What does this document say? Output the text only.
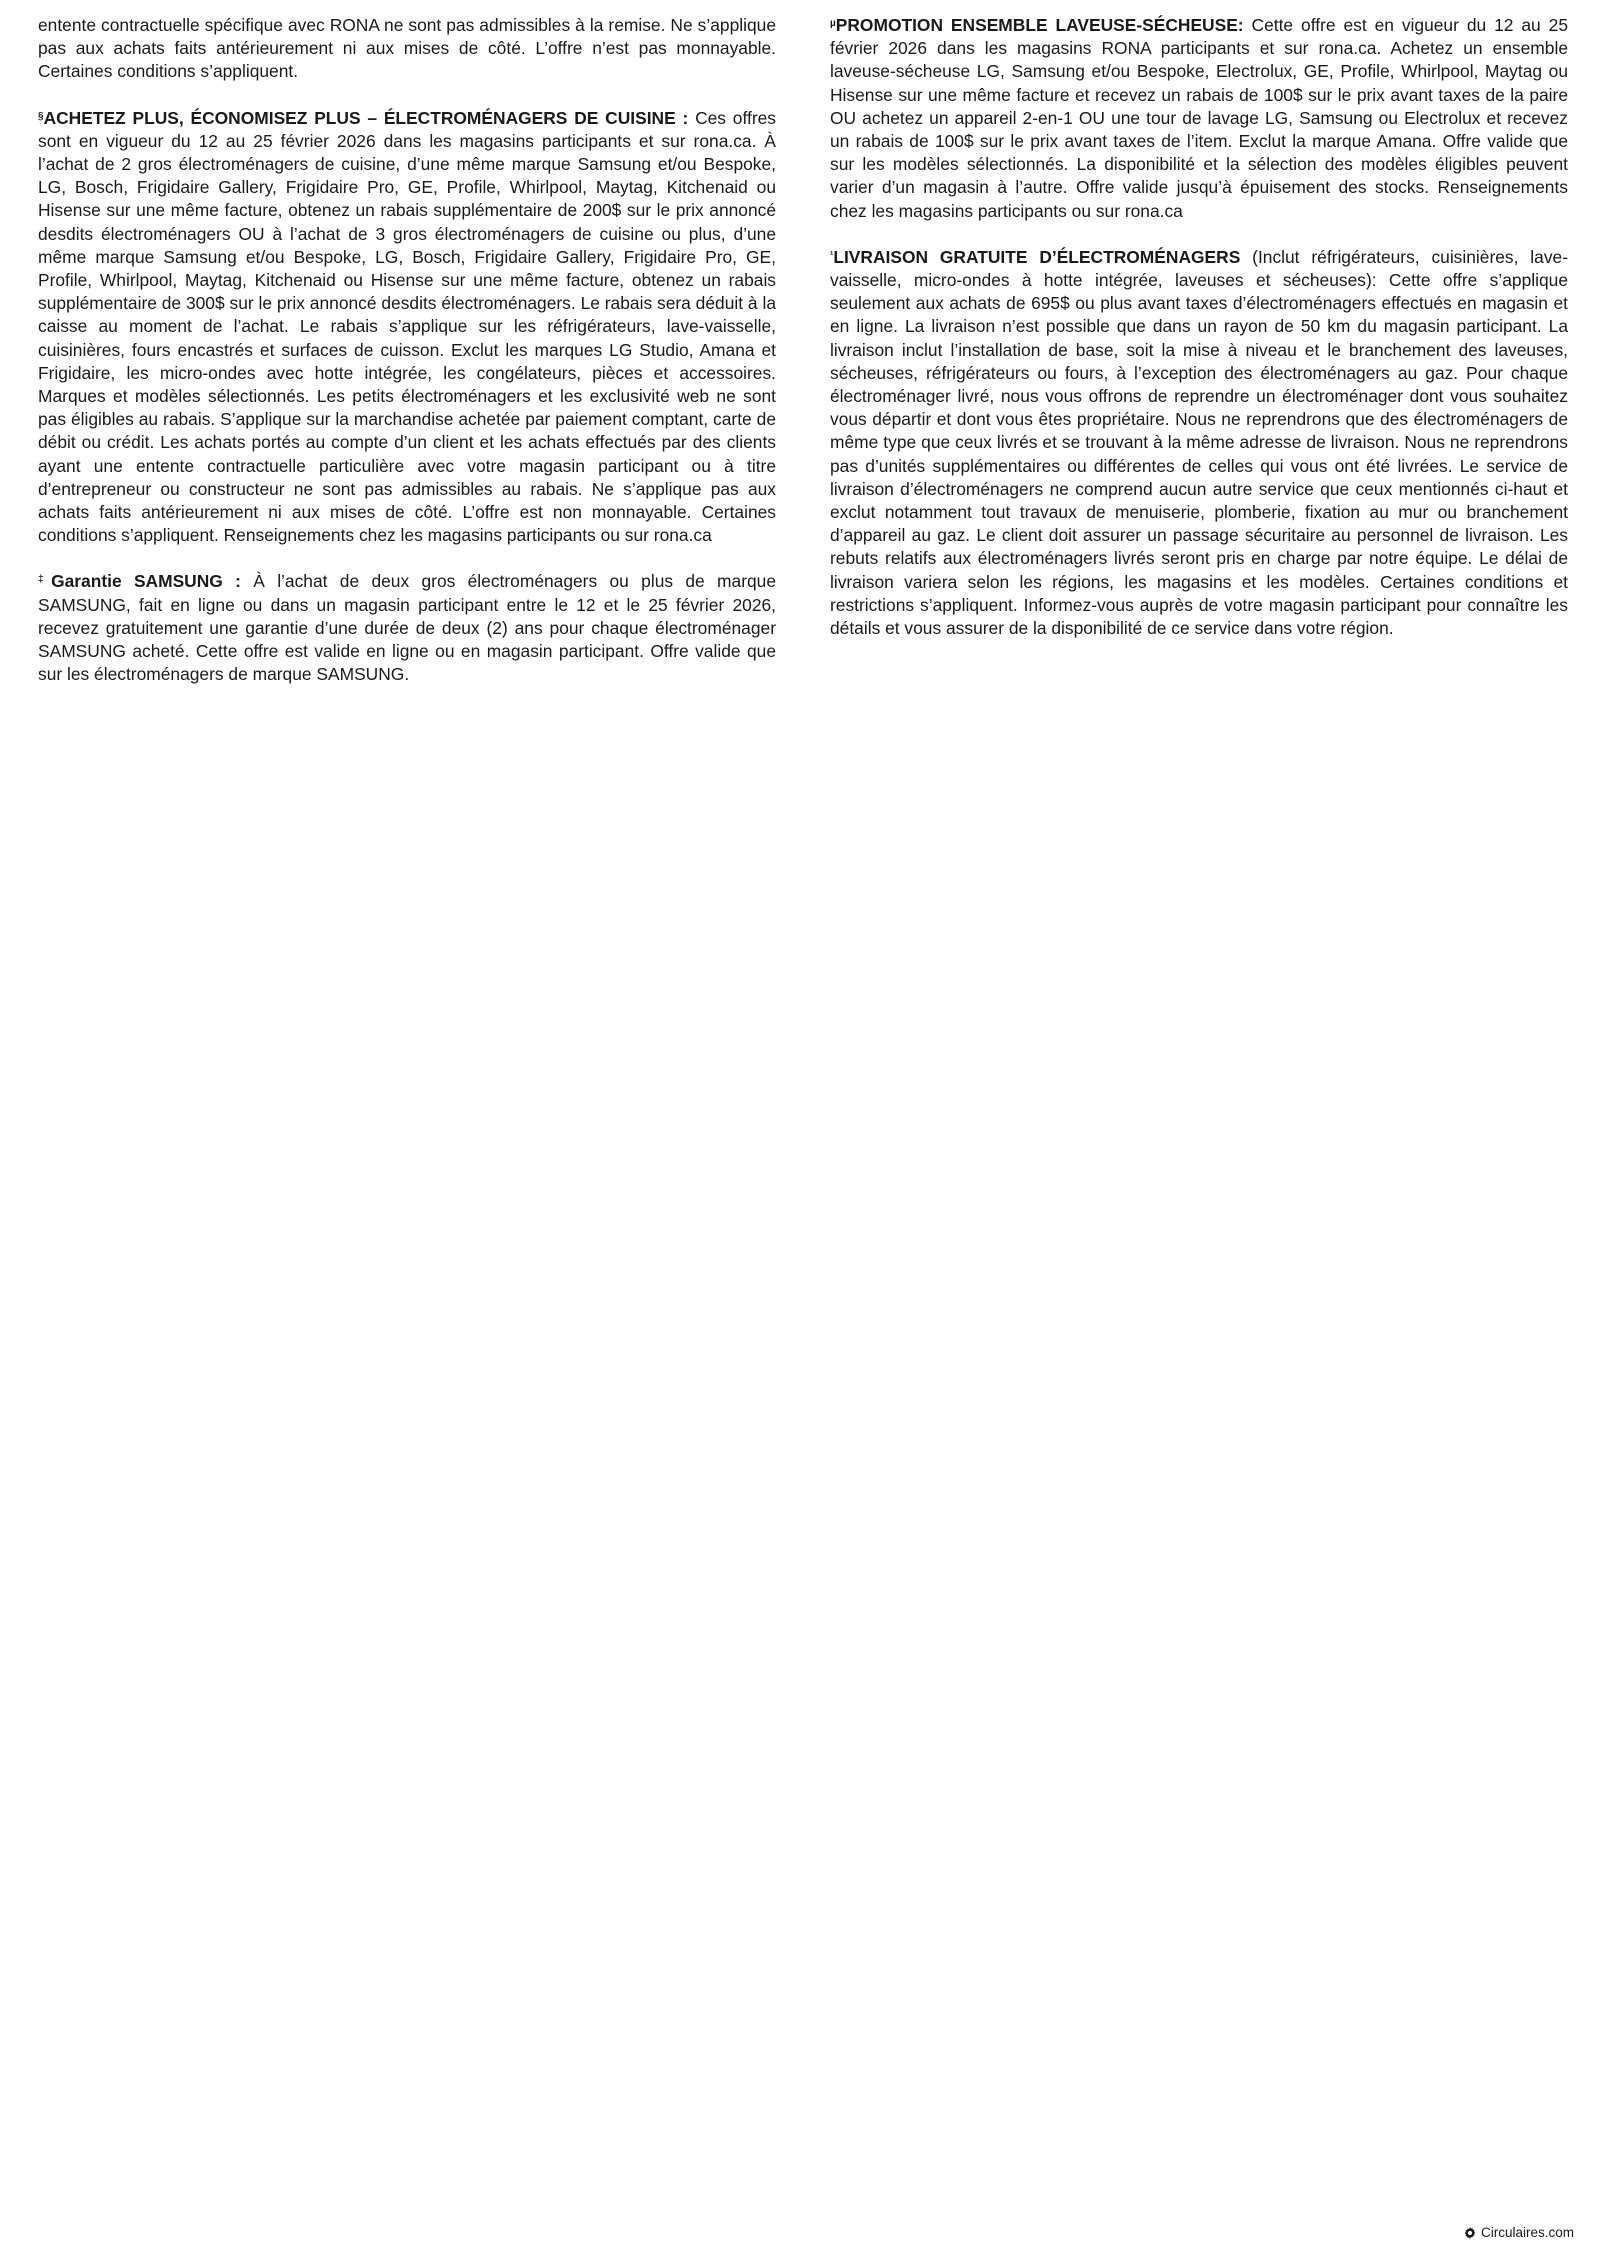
entente contractuelle spécifique avec RONA ne sont pas admissibles à la remise. Ne s’applique pas aux achats faits antérieurement ni aux mises de côté. L’offre n’est pas monnayable. Certaines conditions s’appliquent.

§ACHETEZ PLUS, ÉCONOMISEZ PLUS – ÉLECTROMÉNAGERS DE CUISINE : Ces offres sont en vigueur du 12 au 25 février 2026 dans les magasins participants et sur rona.ca. À l’achat de 2 gros électroménagers de cuisine, d’une même marque Samsung et/ou Bespoke, LG, Bosch, Frigidaire Gallery, Frigidaire Pro, GE, Profile, Whirlpool, Maytag, Kitchenaid ou Hisense sur une même facture, obtenez un rabais supplémentaire de 200$ sur le prix annoncé desdits électroménagers OU à l’achat de 3 gros électroménagers de cuisine ou plus, d’une même marque Samsung et/ou Bespoke, LG, Bosch, Frigidaire Gallery, Frigidaire Pro, GE, Profile, Whirlpool, Maytag, Kitchenaid ou Hisense sur une même facture, obtenez un rabais supplémentaire de 300$ sur le prix annoncé desdits électroménagers. Le rabais sera déduit à la caisse au moment de l’achat. Le rabais s’applique sur les réfrigérateurs, lave-vaisselle, cuisinières, fours encastrés et surfaces de cuisson. Exclut les marques LG Studio, Amana et Frigidaire, les micro-ondes avec hotte intégrée, les congélateurs, pièces et accessoires. Marques et modèles sélectionnés. Les petits électroménagers et les exclusivité web ne sont pas éligibles au rabais. S’applique sur la marchandise achetée par paiement comptant, carte de débit ou crédit. Les achats portés au compte d’un client et les achats effectués par des clients ayant une entente contractuelle particulière avec votre magasin participant ou à titre d’entrepreneur ou constructeur ne sont pas admissibles au rabais. Ne s’applique pas aux achats faits antérieurement ni aux mises de côté. L’offre est non monnayable. Certaines conditions s’appliquent. Renseignements chez les magasins participants ou sur rona.ca

‡Garantie SAMSUNG : À l’achat de deux gros électroménagers ou plus de marque SAMSUNG, fait en ligne ou dans un magasin participant entre le 12 et le 25 février 2026, recevez gratuitement une garantie d’une durée de deux (2) ans pour chaque électroménager SAMSUNG acheté. Cette offre est valide en ligne ou en magasin participant. Offre valide que sur les électroménagers de marque SAMSUNG.

$^\mu$PROMOTION ENSEMBLE LAVEUSE-SÉCHEUSE: Cette offre est en vigueur du 12 au 25 février 2026 dans les magasins RONA participants et sur rona.ca. Achetez un ensemble laveuse-sécheuse LG, Samsung et/ou Bespoke, Electrolux, GE, Profile, Whirlpool, Maytag ou Hisense sur une même facture et recevez un rabais de 100$ sur le prix avant taxes de la paire OU achetez un appareil 2-en-1 OU une tour de lavage LG, Samsung ou Electrolux et recevez un rabais de 100$ sur le prix avant taxes de l’item. Exclut la marque Amana. Offre valide que sur les modèles sélectionnés. La disponibilité et la sélection des modèles éligibles peuvent varier d’un magasin à l’autre. Offre valide jusqu’à épuisement des stocks. Renseignements chez les magasins participants ou sur rona.ca

$^{^1}$LIVRAISON GRATUITE D’ÉLECTROMÉNAGERS (Inclut réfrigérateurs, cuisinières, lave-vaisselle, micro-ondes à hotte intégrée, laveuses et sécheuses): Cette offre s’applique seulement aux achats de 695$ ou plus avant taxes d’électroménagers effectués en magasin et en ligne. La livraison n’est possible que dans un rayon de 50 km du magasin participant. La livraison inclut l’installation de base, soit la mise à niveau et le branchement des laveuses, sécheuses, réfrigérateurs ou fours, à l’exception des électroménagers au gaz. Pour chaque électroménager livré, nous vous offrons de reprendre un électroménager dont vous souhaitez vous départir et dont vous êtes propriétaire. Nous ne reprendrons que des électroménagers de même type que ceux livrés et se trouvant à la même adresse de livraison. Nous ne reprendrons pas d’unités supplémentaires ou différentes de celles qui vous ont été livrées. Le service de livraison d’électroménagers ne comprend aucun autre service que ceux mentionnés ci-haut et exclut notamment tout travaux de menuiserie, plomberie, fixation au mur ou branchement d’appareil au gaz. Le client doit assurer un passage sécuritaire au personnel de livraison. Les rebuts relatifs aux électroménagers livrés seront pris en charge par notre équipe. Le délai de livraison variera selon les régions, les magasins et les modèles. Certaines conditions et restrictions s’appliquent. Informez-vous auprès de votre magasin participant pour connaître les détails et vous assurer de la disponibilité de ce service dans votre région.

Circulaires.com
